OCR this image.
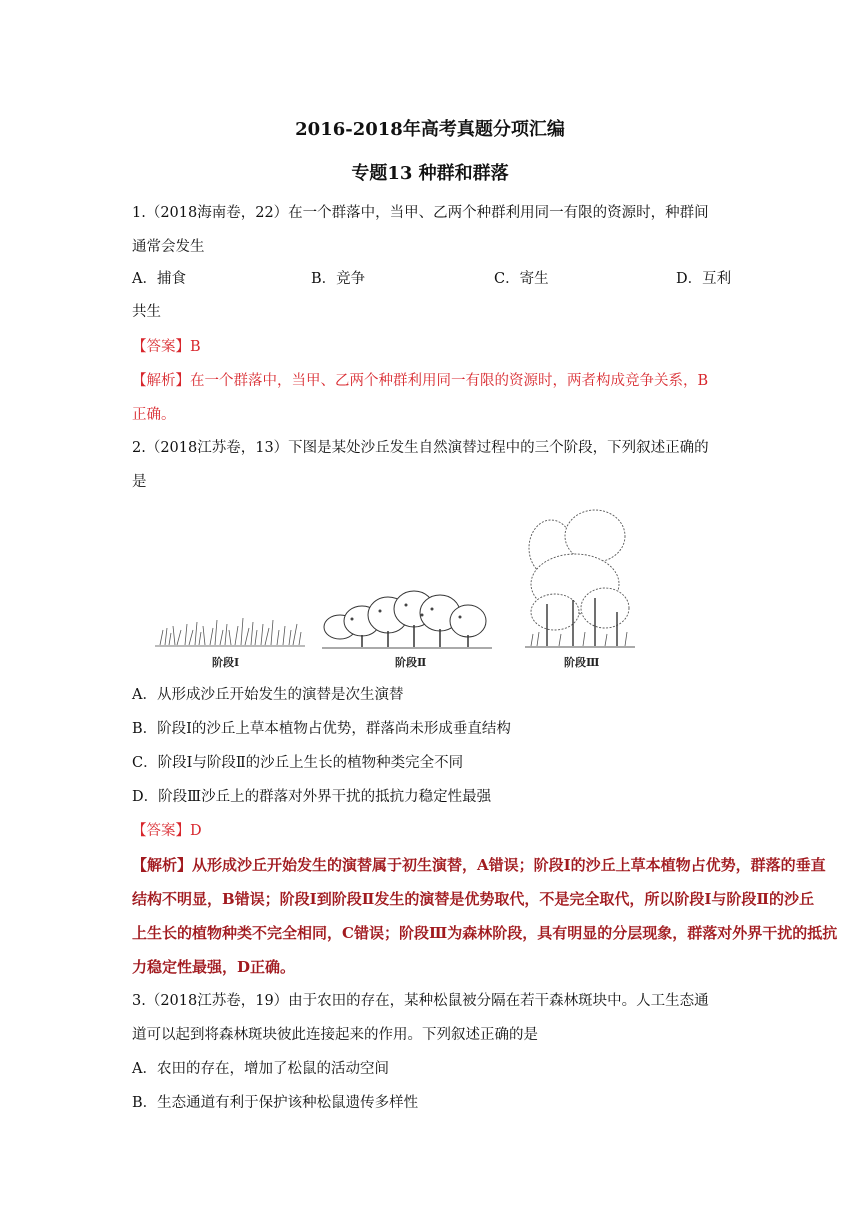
2016-2018年高考真题分项汇编
专题13 种群和群落
1.（2018海南卷，22）在一个群落中，当甲、乙两个种群利用同一有限的资源时，种群间
通常会发生
A．捕食	B．竞争	C．寄生	D．互利
共生
【答案】B
【解析】在一个群落中，当甲、乙两个种群利用同一有限的资源时，两者构成竞争关系，B
正确。
2.（2018江苏卷，13）下图是某处沙丘发生自然演替过程中的三个阶段，下列叙述正确的
是
阶段Ⅰ	阶段Ⅱ	阶段Ⅲ
A．从形成沙丘开始发生的演替是次生演替
B．阶段Ⅰ的沙丘上草本植物占优势，群落尚未形成垂直结构
C．阶段Ⅰ与阶段Ⅱ的沙丘上生长的植物种类完全不同
D．阶段Ⅲ沙丘上的群落对外界干扰的抵抗力稳定性最强
【答案】D
【解析】从形成沙丘开始发生的演替属于初生演替，A错误；阶段Ⅰ的沙丘上草本植物占优势，群落的垂直
结构不明显，B错误；阶段Ⅰ到阶段Ⅱ发生的演替是优势取代，不是完全取代，所以阶段Ⅰ与阶段Ⅱ的沙丘
上生长的植物种类不完全相同，C错误；阶段Ⅲ为森林阶段，具有明显的分层现象，群落对外界干扰的抵抗
力稳定性最强，D正确。
3.（2018江苏卷，19）由于农田的存在，某种松鼠被分隔在若干森林斑块中。人工生态通
道可以起到将森林斑块彼此连接起来的作用。下列叙述正确的是
A．农田的存在，增加了松鼠的活动空间
B．生态通道有利于保护该种松鼠遗传多样性
